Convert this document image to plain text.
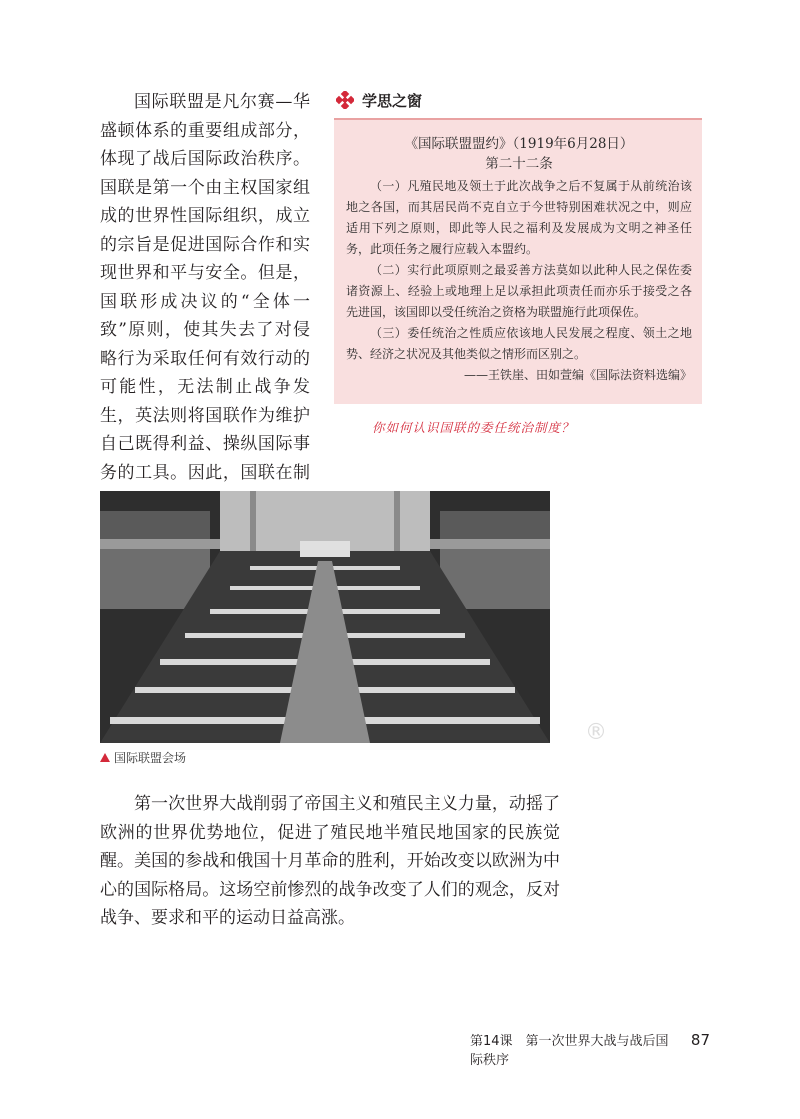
国际联盟是凡尔赛—华盛顿体系的重要组成部分，体现了战后国际政治秩序。国联是第一个由主权国家组成的世界性国际组织，成立的宗旨是促进国际合作和实现世界和平与安全。但是，国联形成决议的“全体一致”原则，使其失去了对侵略行为采取任何有效行动的可能性，无法制止战争发生，英法则将国联作为维护自己既得利益、操纵国际事务的工具。因此，国联在制

学思之窗

《国际联盟盟约》（1919年6月28日）

第二十二条

（一）凡殖民地及领土于此次战争之后不复属于从前统治该地之各国，而其居民尚不克自立于今世特别困难状况之中，则应适用下列之原则，即此等人民之福利及发展成为文明之神圣任务，此项任务之履行应载入本盟约。

（二）实行此项原则之最妥善方法莫如以此种人民之保佐委诸资源上、经验上或地理上足以承担此项责任而亦乐于接受之各先进国，该国即以受任统治之资格为联盟施行此项保佐。

（三）委任统治之性质应依该地人民发展之程度、领土之地势、经济之状况及其他类似之情形而区别之。

——王铁崖、田如萱编《国际法资料选编》

你如何认识国联的委任统治制度？
国际联盟会场
®

第一次世界大战削弱了帝国主义和殖民主义力量，动摇了欧洲的世界优势地位，促进了殖民地半殖民地国家的民族觉醒。美国的参战和俄国十月革命的胜利，开始改变以欧洲为中心的国际格局。这场空前惨烈的战争改变了人们的观念，反对战争、要求和平的运动日益高涨。

第14课　第一次世界大战与战后国际秩序
87
